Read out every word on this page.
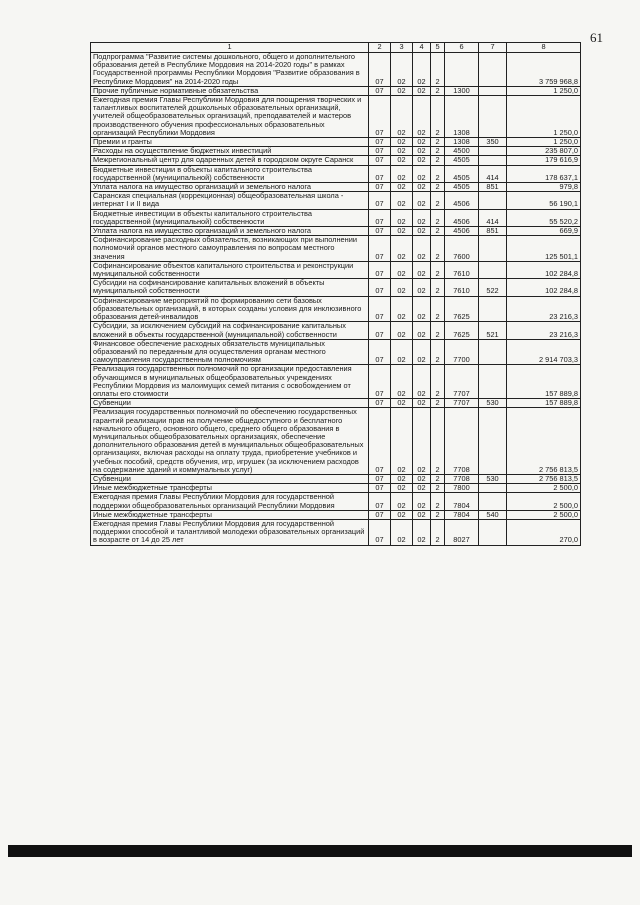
61
1	2	3	4	5	6	7	8
Подпрограмма "Развитие системы дошкольного, общего и дополнительного образования детей в Республике Мордовия на 2014-2020 годы" в рамках Государственной программы Республики Мордовия "Развитие образования в Республике Мордовия" на 2014-2020 годы	07	02	02	2			3 759 968,8
Прочие публичные нормативные обязательства	07	02	02	2	1300		1 250,0
Ежегодная премия Главы Республики Мордовия для поощрения творческих и талантливых воспитателей дошкольных образовательных организаций, учителей общеобразовательных организаций, преподавателей и мастеров производственного обучения профессиональных образовательных организаций Республики Мордовия	07	02	02	2	1308		1 250,0
Премии и гранты	07	02	02	2	1308	350	1 250,0
Расходы на осуществление бюджетных инвестиций	07	02	02	2	4500		235 807,0
Межрегиональный центр для одаренных детей в городском округе Саранск	07	02	02	2	4505		179 616,9
Бюджетные инвестиции в объекты капитального строительства государственной (муниципальной) собственности	07	02	02	2	4505	414	178 637,1
Уплата налога на имущество организаций и земельного налога	07	02	02	2	4505	851	979,8
Саранская специальная (коррекционная) общеобразовательная школа - интернат I и II вида	07	02	02	2	4506		56 190,1
Бюджетные инвестиции в объекты капитального строительства государственной (муниципальной) собственности	07	02	02	2	4506	414	55 520,2
Уплата налога на имущество организаций и земельного налога	07	02	02	2	4506	851	669,9
Софинансирование расходных обязательств, возникающих при выполнении полномочий органов местного самоуправления по вопросам местного значения	07	02	02	2	7600		125 501,1
Софинансирование объектов капитального строительства и реконструкции муниципальной собственности	07	02	02	2	7610		102 284,8
Субсидии на софинансирование капитальных вложений в объекты муниципальной собственности	07	02	02	2	7610	522	102 284,8
Софинансирование мероприятий по формированию сети базовых образовательных организаций, в которых созданы условия для инклюзивного образования детей-инвалидов	07	02	02	2	7625		23 216,3
Субсидии, за исключением субсидий на софинансирование капитальных вложений в объекты государственной (муниципальной) собственности	07	02	02	2	7625	521	23 216,3
Финансовое обеспечение расходных обязательств муниципальных образований по переданным для осуществления органам местного самоуправления государственным полномочиям	07	02	02	2	7700		2 914 703,3
Реализация государственных полномочий по организации предоставления обучающимся в муниципальных общеобразовательных учреждениях Республики Мордовия из малоимущих семей питания с освобождением от оплаты его стоимости	07	02	02	2	7707		157 889,8
Субвенции	07	02	02	2	7707	530	157 889,8
Реализация государственных полномочий по обеспечению государственных гарантий реализации прав на получение общедоступного и бесплатного начального общего, основного общего, среднего общего образования в муниципальных общеобразовательных организациях, обеспечение дополнительного образования детей в муниципальных общеобразовательных организациях, включая расходы на оплату труда, приобретение учебников и учебных пособий, средств обучения, игр, игрушек (за исключением расходов на содержание зданий и коммунальных услуг)	07	02	02	2	7708		2 756 813,5
Субвенции	07	02	02	2	7708	530	2 756 813,5
Иные межбюджетные трансферты	07	02	02	2	7800		2 500,0
Ежегодная премия Главы Республики Мордовия для государственной поддержки общеобразовательных организаций Республики Мордовия	07	02	02	2	7804		2 500,0
Иные межбюджетные трансферты	07	02	02	2	7804	540	2 500,0
Ежегодная премия Главы Республики Мордовия для государственной поддержки способной и талантливой молодежи образовательных организаций в возрасте от 14 до 25 лет	07	02	02	2	8027		270,0
